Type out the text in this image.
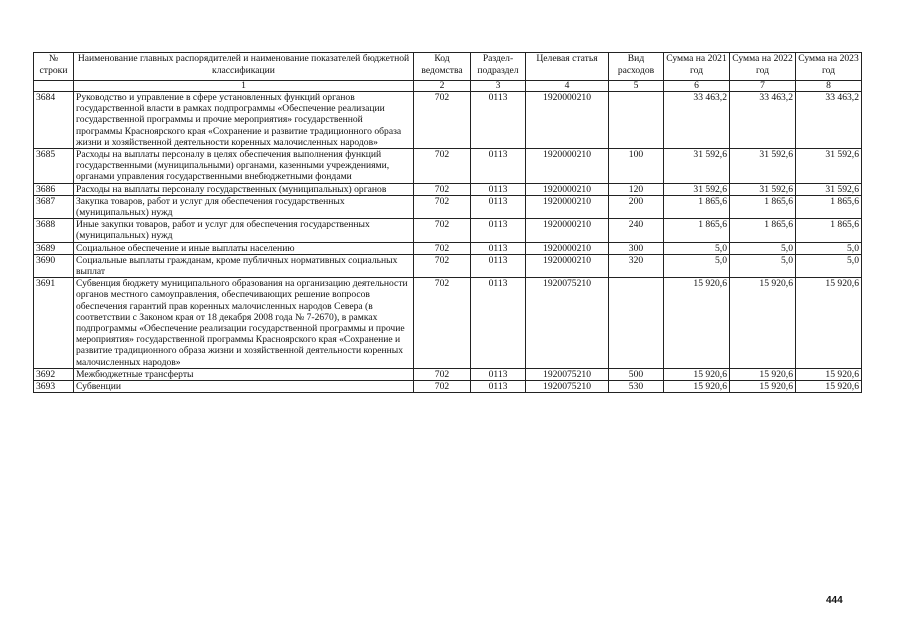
№ строки	Наименование главных распорядителей и наименование показателей бюджетной классификации	Код ведомства	Раздел-подраздел	Целевая статья	Вид расходов	Сумма на 2021 год	Сумма на 2022 год	Сумма на 2023 год
	1	2	3	4	5	6	7	8
3684	Руководство и управление в сфере установленных функций органов государственной власти в рамках подпрограммы «Обеспечение реализации государственной программы и прочие мероприятия» государственной программы Красноярского края «Сохранение и развитие традиционного образа жизни и хозяйственной деятельности коренных малочисленных народов»	702	0113	1920000210		33 463,2	33 463,2	33 463,2
3685	Расходы на выплаты персоналу в целях обеспечения выполнения функций государственными (муниципальными) органами, казенными учреждениями, органами управления государственными внебюджетными фондами	702	0113	1920000210	100	31 592,6	31 592,6	31 592,6
3686	Расходы на выплаты персоналу государственных (муниципальных) органов	702	0113	1920000210	120	31 592,6	31 592,6	31 592,6
3687	Закупка товаров, работ и услуг для обеспечения государственных (муниципальных) нужд	702	0113	1920000210	200	1 865,6	1 865,6	1 865,6
3688	Иные закупки товаров, работ и услуг для обеспечения государственных (муниципальных) нужд	702	0113	1920000210	240	1 865,6	1 865,6	1 865,6
3689	Социальное обеспечение и иные выплаты населению	702	0113	1920000210	300	5,0	5,0	5,0
3690	Социальные выплаты гражданам, кроме публичных нормативных социальных выплат	702	0113	1920000210	320	5,0	5,0	5,0
3691	Субвенция бюджету муниципального образования на организацию деятельности органов местного самоуправления, обеспечивающих решение вопросов обеспечения гарантий прав коренных малочисленных народов Севера (в соответствии с Законом края от 18 декабря 2008 года № 7-2670), в рамках подпрограммы «Обеспечение реализации государственной программы и прочие мероприятия» государственной программы Красноярского края «Сохранение и развитие традиционного образа жизни и хозяйственной деятельности коренных малочисленных народов»	702	0113	1920075210		15 920,6	15 920,6	15 920,6
3692	Межбюджетные трансферты	702	0113	1920075210	500	15 920,6	15 920,6	15 920,6
3693	Субвенции	702	0113	1920075210	530	15 920,6	15 920,6	15 920,6
444
